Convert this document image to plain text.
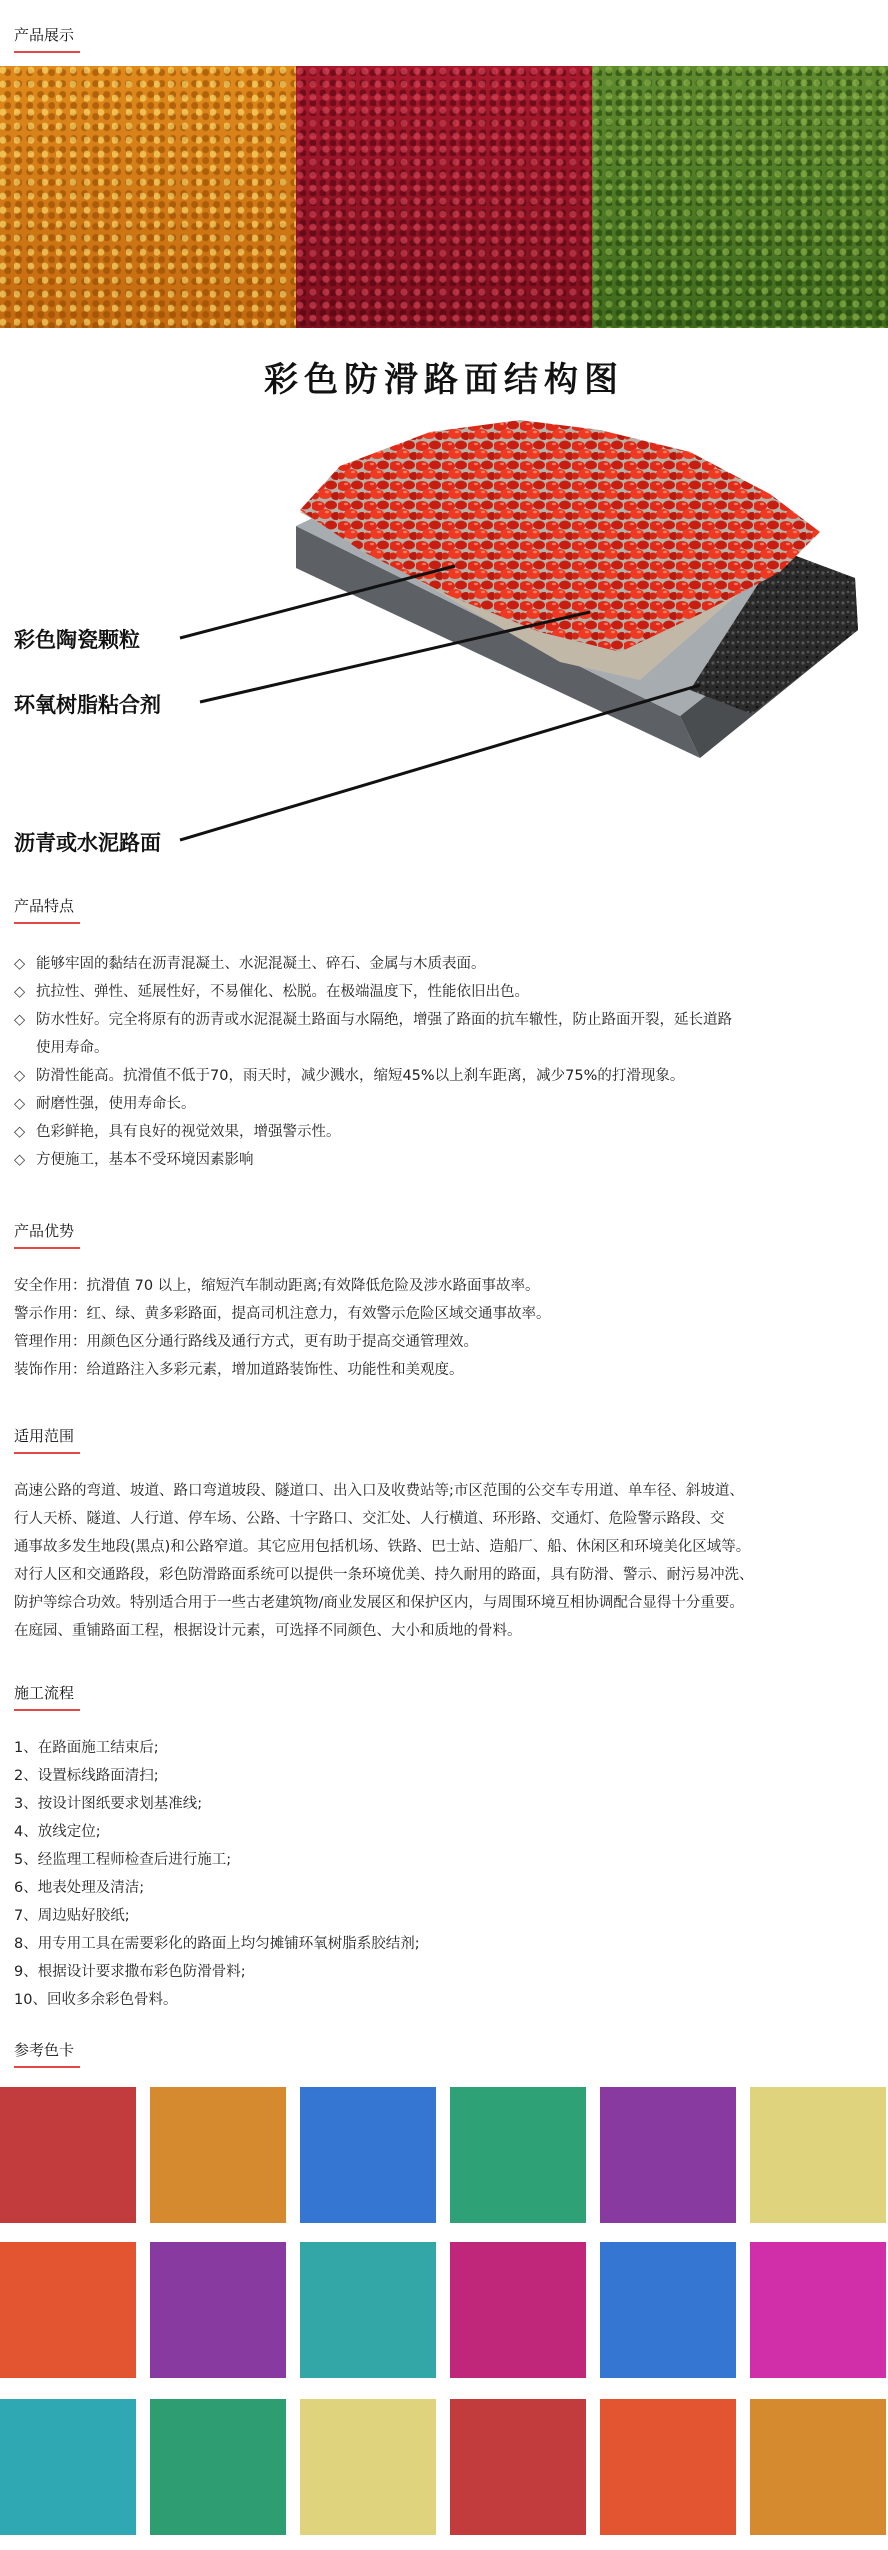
产品展示
彩色防滑路面结构图
彩色陶瓷颗粒
环氧树脂粘合剂
沥青或水泥路面
产品特点
◇ 能够牢固的黏结在沥青混凝土、水泥混凝土、碎石、金属与木质表面。
◇ 抗拉性、弹性、延展性好，不易催化、松脱。在极端温度下，性能依旧出色。
◇ 防水性好。完全将原有的沥青或水泥混凝土路面与水隔绝，增强了路面的抗车辙性，防止路面开裂，延长道路
使用寿命。
◇ 防滑性能高。抗滑值不低于70，雨天时，减少溅水，缩短45%以上刹车距离，减少75%的打滑现象。
◇ 耐磨性强，使用寿命长。
◇ 色彩鲜艳，具有良好的视觉效果，增强警示性。
◇ 方便施工，基本不受环境因素影响
产品优势
安全作用：抗滑值 70 以上，缩短汽车制动距离;有效降低危险及涉水路面事故率。
警示作用：红、绿、黄多彩路面，提高司机注意力，有效警示危险区域交通事故率。
管理作用：用颜色区分通行路线及通行方式，更有助于提高交通管理效。
装饰作用：给道路注入多彩元素，增加道路装饰性、功能性和美观度。
适用范围
高速公路的弯道、坡道、路口弯道坡段、隧道口、出入口及收费站等;市区范围的公交车专用道、单车径、斜坡道、
行人天桥、隧道、人行道、停车场、公路、十字路口、交汇处、人行横道、环形路、交通灯、危险警示路段、交
通事故多发生地段(黑点)和公路窄道。其它应用包括机场、铁路、巴士站、造船厂、船、休闲区和环境美化区域等。
对行人区和交通路段，彩色防滑路面系统可以提供一条环境优美、持久耐用的路面，具有防滑、警示、耐污易冲洗、
防护等综合功效。特别适合用于一些古老建筑物/商业发展区和保护区内，与周围环境互相协调配合显得十分重要。
在庭园、重铺路面工程，根据设计元素，可选择不同颜色、大小和质地的骨料。
施工流程
1、在路面施工结束后;
2、设置标线路面清扫;
3、按设计图纸要求划基准线;
4、放线定位;
5、经监理工程师检查后进行施工;
6、地表处理及清洁;
7、周边贴好胶纸;
8、用专用工具在需要彩化的路面上均匀摊铺环氧树脂系胶结剂;
9、根据设计要求撒布彩色防滑骨料;
10、回收多余彩色骨料。
参考色卡
